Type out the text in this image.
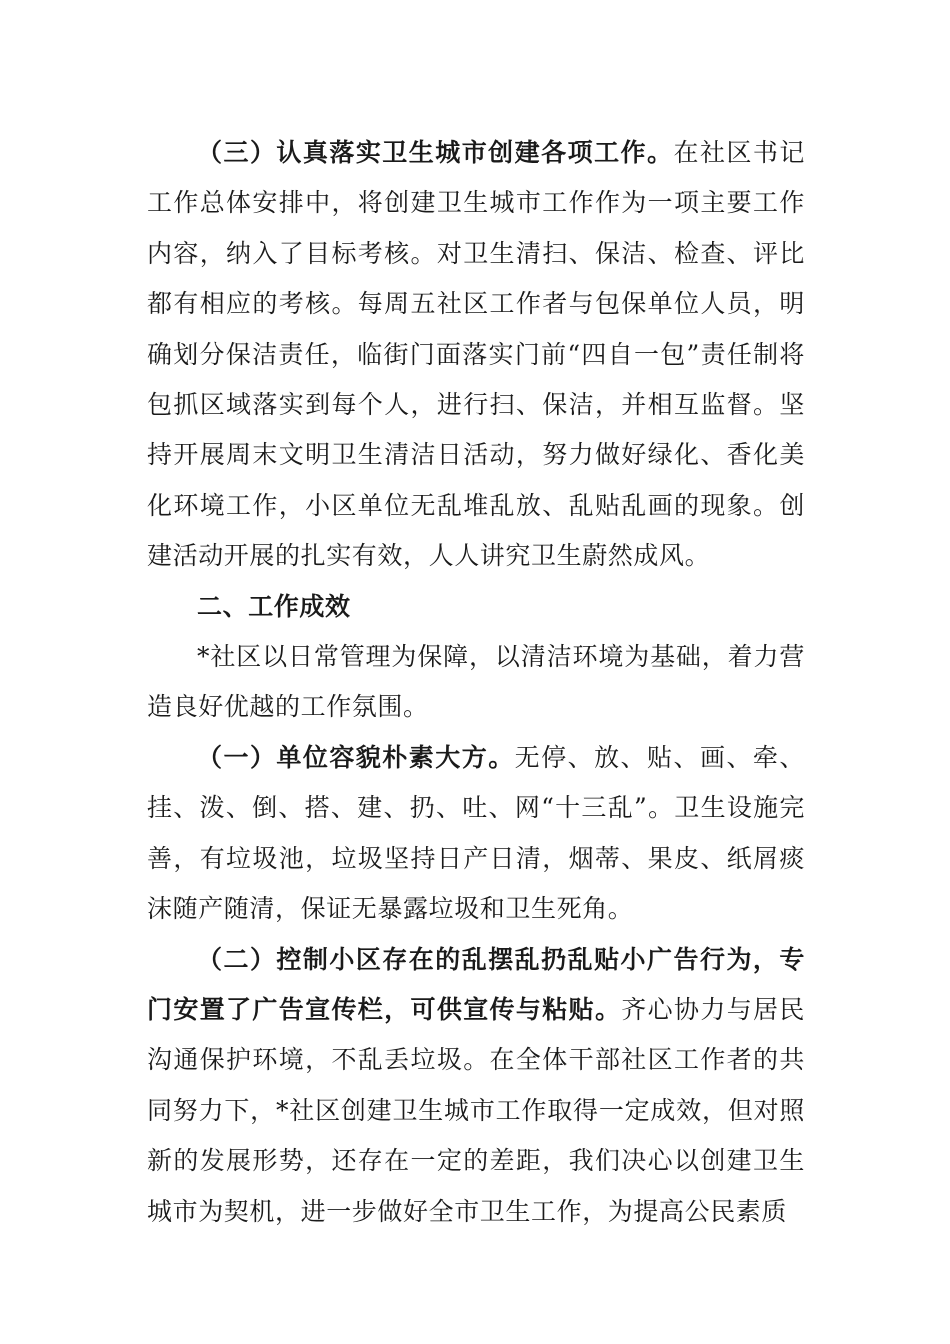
（三）认真落实卫生城市创建各项工作。在社区书记工作总体安排中，将创建卫生城市工作作为一项主要工作内容，纳入了目标考核。对卫生清扫、保洁、检查、评比都有相应的考核。每周五社区工作者与包保单位人员，明确划分保洁责任，临街门面落实门前“四自一包”责任制将包抓区域落实到每个人，进行扫、保洁，并相互监督。坚持开展周末文明卫生清洁日活动，努力做好绿化、香化美化环境工作，小区单位无乱堆乱放、乱贴乱画的现象。创建活动开展的扎实有效，人人讲究卫生蔚然成风。

二、工作成效

*社区以日常管理为保障，以清洁环境为基础，着力营造良好优越的工作氛围。

（一）单位容貌朴素大方。无停、放、贴、画、牵、挂、泼、倒、搭、建、扔、吐、网“十三乱”。卫生设施完善，有垃圾池，垃圾坚持日产日清，烟蒂、果皮、纸屑痰沫随产随清，保证无暴露垃圾和卫生死角。

（二）控制小区存在的乱摆乱扔乱贴小广告行为，专门安置了广告宣传栏，可供宣传与粘贴。齐心协力与居民沟通保护环境，不乱丢垃圾。在全体干部社区工作者的共同努力下，*社区创建卫生城市工作取得一定成效，但对照新的发展形势，还存在一定的差距，我们决心以创建卫生城市为契机，进一步做好全市卫生工作，为提高公民素质
